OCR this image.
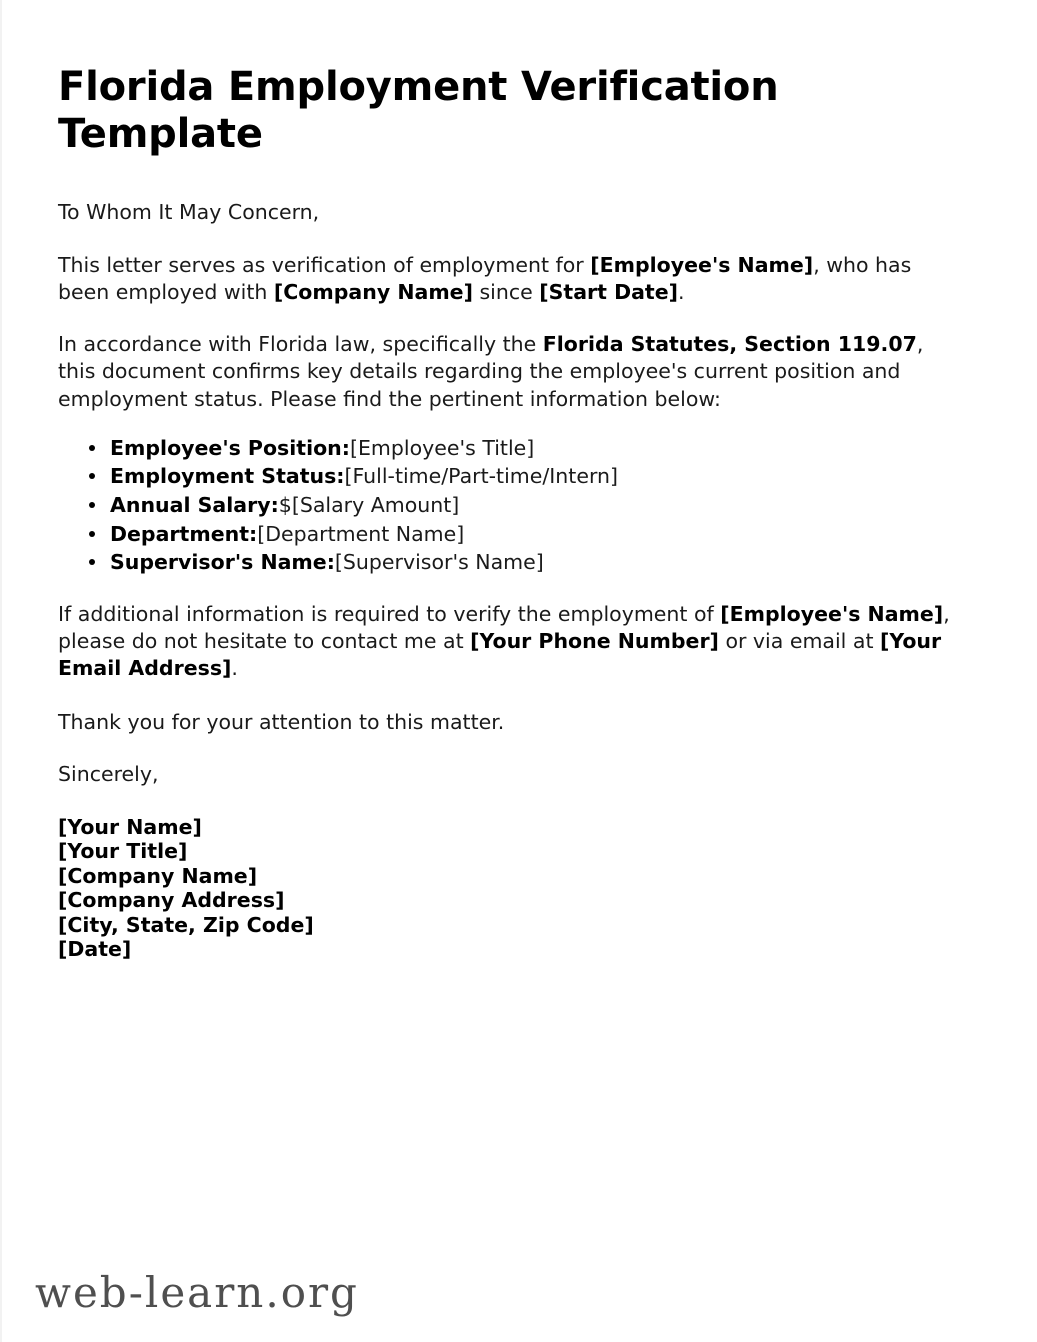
Florida Employment Verification Template

To Whom It May Concern,

This letter serves as verification of employment for [Employee's Name], who has been employed with [Company Name] since [Start Date].

In accordance with Florida law, specifically the Florida Statutes, Section 119.07, this document confirms key details regarding the employee's current position and employment status. Please find the pertinent information below:

Employee's Position:[Employee's Title]
Employment Status:[Full-time/Part-time/Intern]
Annual Salary:$[Salary Amount]
Department:[Department Name]
Supervisor's Name:[Supervisor's Name]

If additional information is required to verify the employment of [Employee's Name], please do not hesitate to contact me at [Your Phone Number] or via email at [Your Email Address].

Thank you for your attention to this matter.

Sincerely,

[Your Name]
[Your Title]
[Company Name]
[Company Address]
[City, State, Zip Code]
[Date]
web-learn.org
